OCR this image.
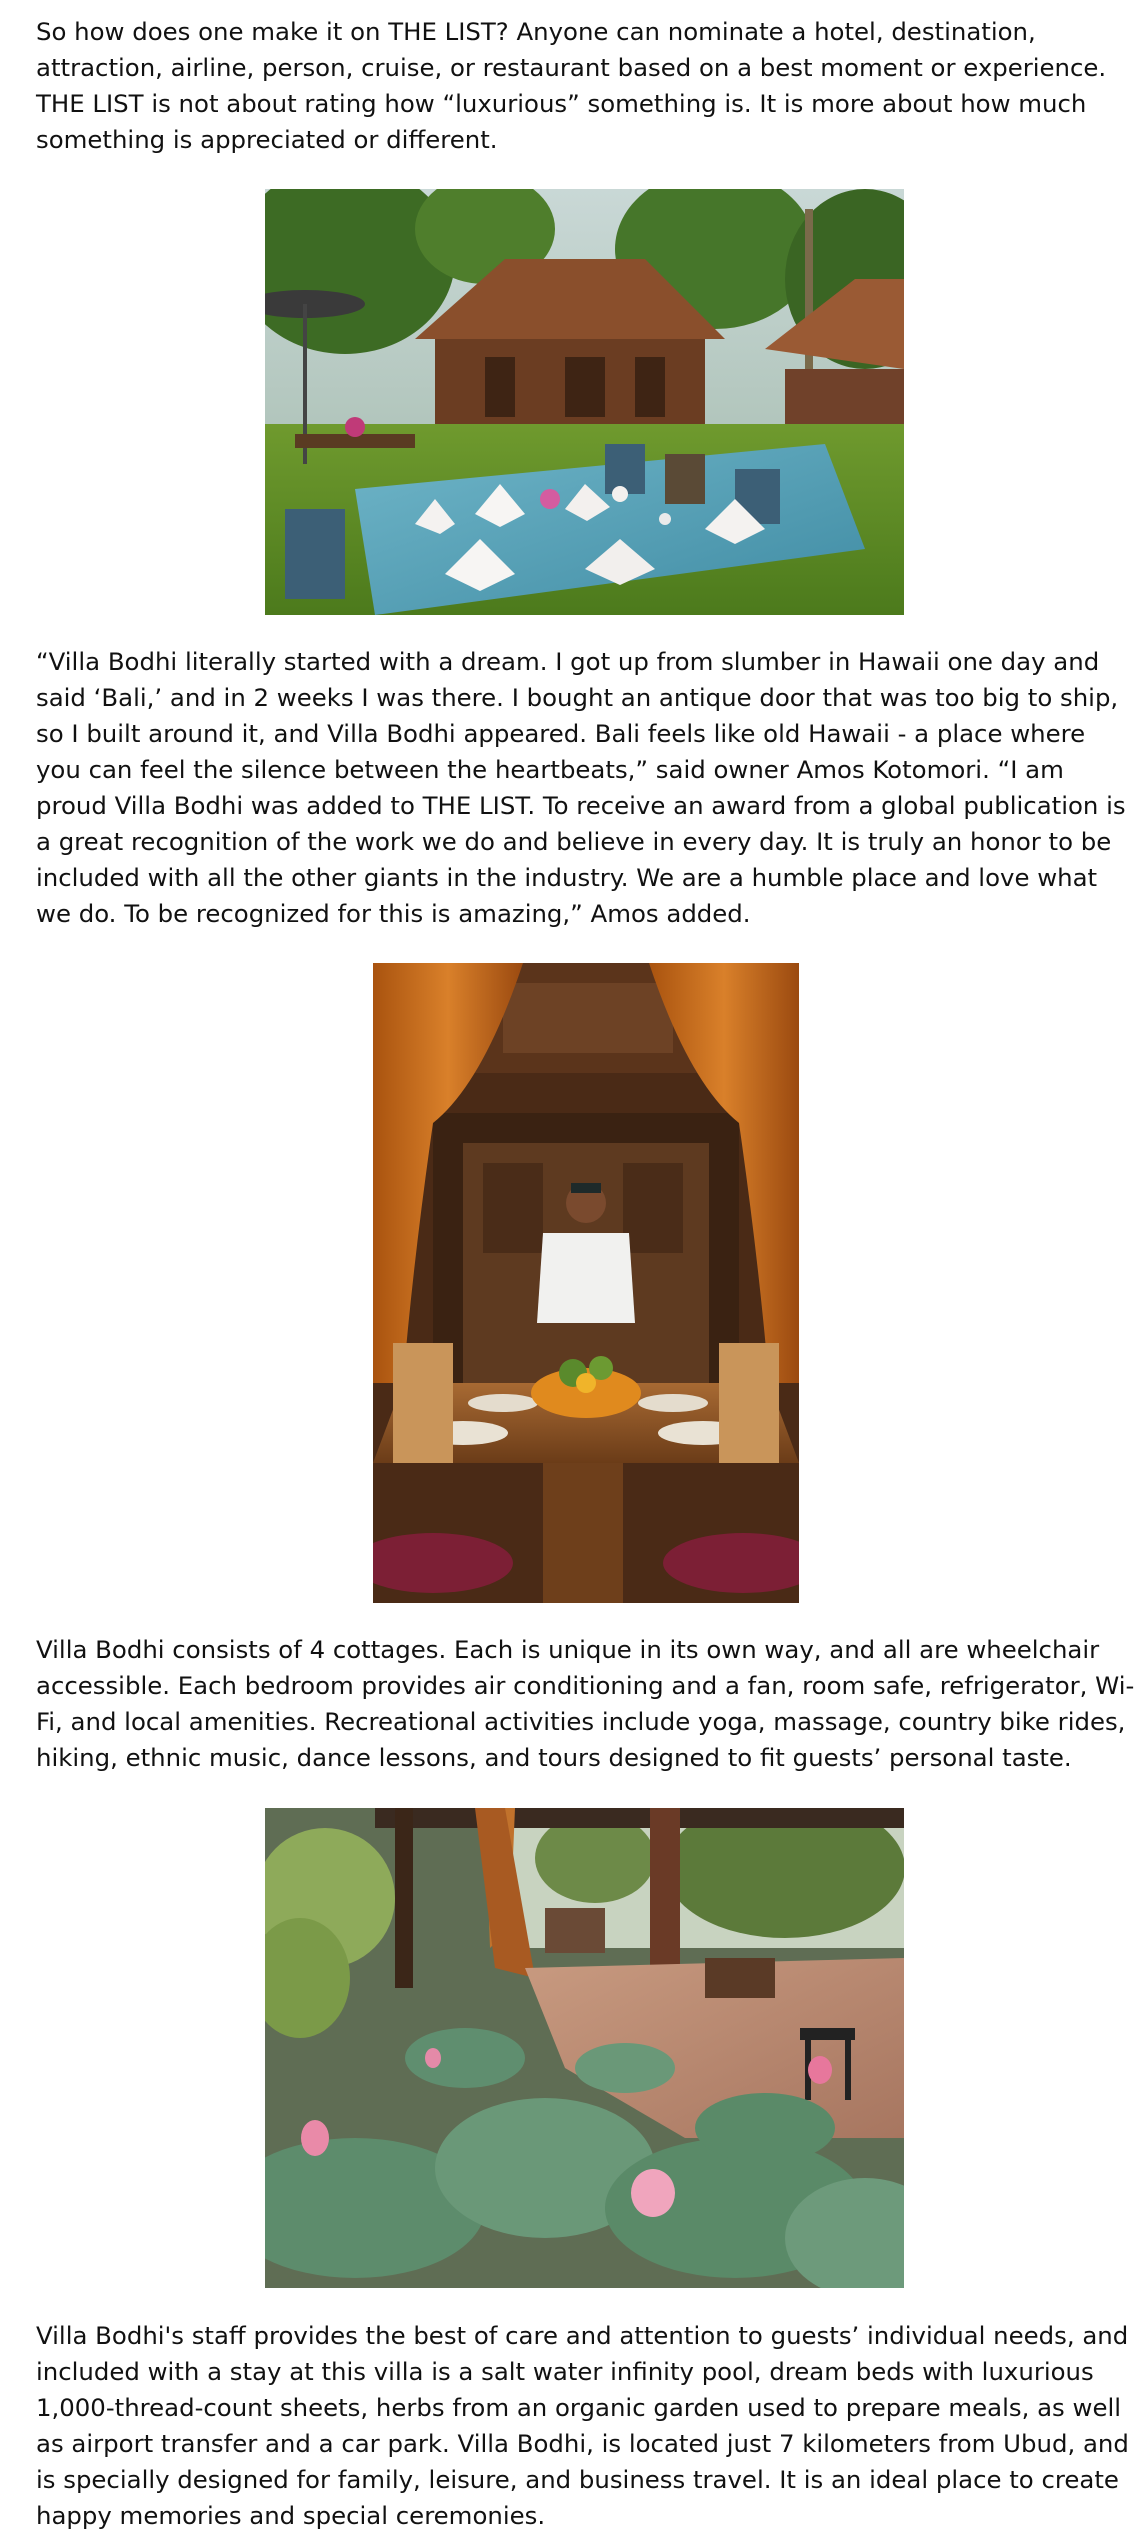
So how does one make it on THE LIST? Anyone can nominate a hotel, destination, attraction, airline, person, cruise, or restaurant based on a best moment or experience. THE LIST is not about rating how “luxurious” something is. It is more about how much something is appreciated or different.

“Villa Bodhi literally started with a dream. I got up from slumber in Hawaii one day and said ‘Bali,’ and in 2 weeks I was there. I bought an antique door that was too big to ship, so I built around it, and Villa Bodhi appeared. Bali feels like old Hawaii - a place where you can feel the silence between the heartbeats,” said owner Amos Kotomori. “I am proud Villa Bodhi was added to THE LIST. To receive an award from a global publication is a great recognition of the work we do and believe in every day. It is truly an honor to be included with all the other giants in the industry. We are a humble place and love what we do. To be recognized for this is amazing,” Amos added.

Villa Bodhi consists of 4 cottages. Each is unique in its own way, and all are wheelchair accessible. Each bedroom provides air conditioning and a fan, room safe, refrigerator, Wi-Fi, and local amenities. Recreational activities include yoga, massage, country bike rides, hiking, ethnic music, dance lessons, and tours designed to fit guests’ personal taste.

Villa Bodhi's staff provides the best of care and attention to guests’ individual needs, and included with a stay at this villa is a salt water infinity pool, dream beds with luxurious 1,000-thread-count sheets, herbs from an organic garden used to prepare meals, as well as airport transfer and a car park. Villa Bodhi, is located just 7 kilometers from Ubud, and is specially designed for family, leisure, and business travel. It is an ideal place to create happy memories and special ceremonies.
